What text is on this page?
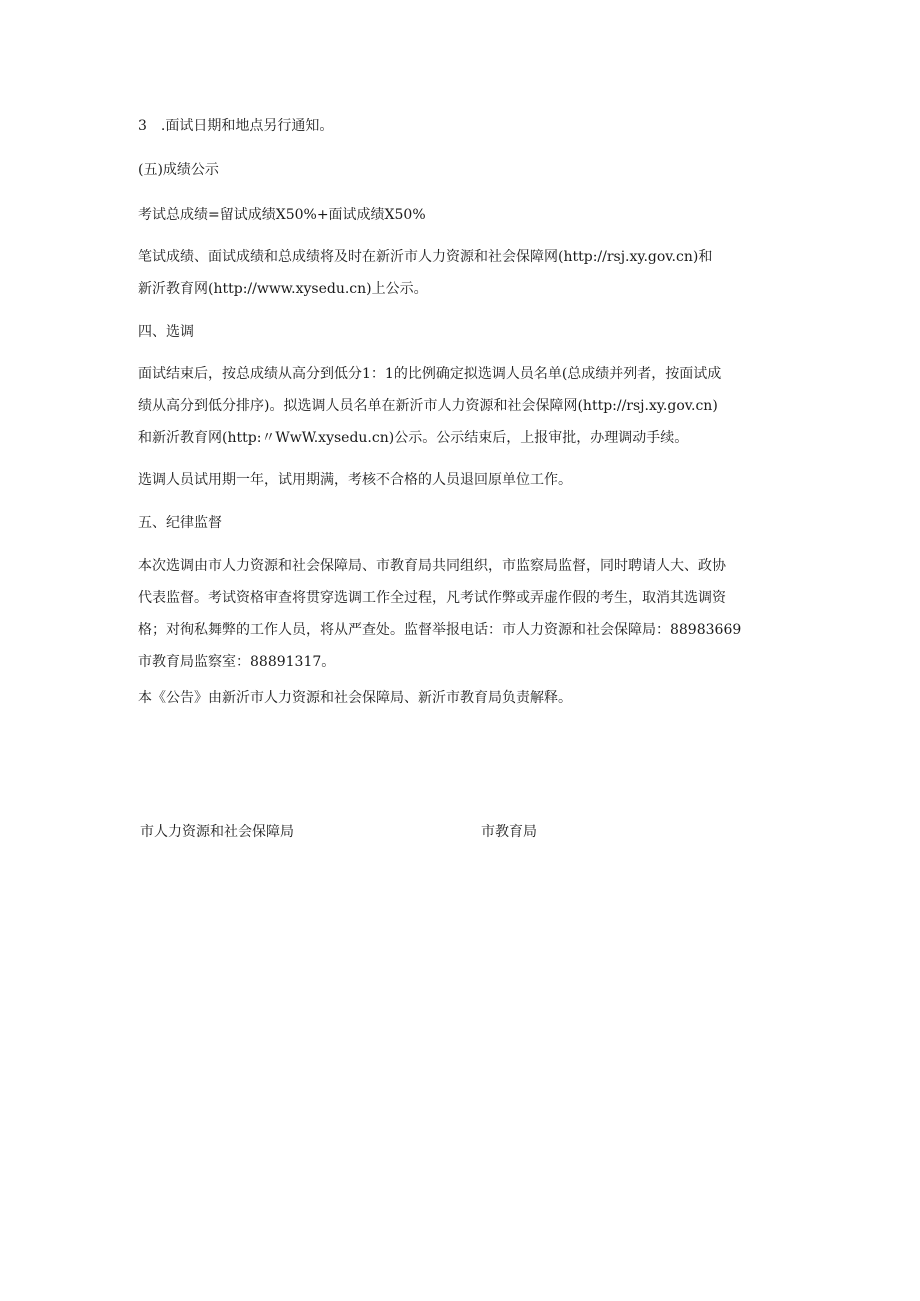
3 .面试日期和地点另行通知。
(五)成绩公示
考试总成绩=留试成绩X50%+面试成绩X50%
笔试成绩、面试成绩和总成绩将及时在新沂市人力资源和社会保障网(http://rsj.xy.gov.cn)和
新沂教育网(http://www.xysedu.cn)上公示。
四、选调
面试结束后，按总成绩从高分到低分1：1的比例确定拟选调人员名单(总成绩并列者，按面试成
绩从高分到低分排序)。拟选调人员名单在新沂市人力资源和社会保障网(http://rsj.xy.gov.cn)
和新沂教育网(http:〃WwW.xysedu.cn)公示。公示结束后，上报审批，办理调动手续。
选调人员试用期一年，试用期满，考核不合格的人员退回原单位工作。
五、纪律监督
本次选调由市人力资源和社会保障局、市教育局共同组织，市监察局监督，同时聘请人大、政协
代表监督。考试资格审查将贯穿选调工作全过程，凡考试作弊或弄虚作假的考生，取消其选调资
格；对徇私舞弊的工作人员，将从严查处。监督举报电话：市人力资源和社会保障局：88983669
市教育局监察室：88891317。
本《公告》由新沂市人力资源和社会保障局、新沂市教育局负责解释。
市人力资源和社会保障局	市教育局
